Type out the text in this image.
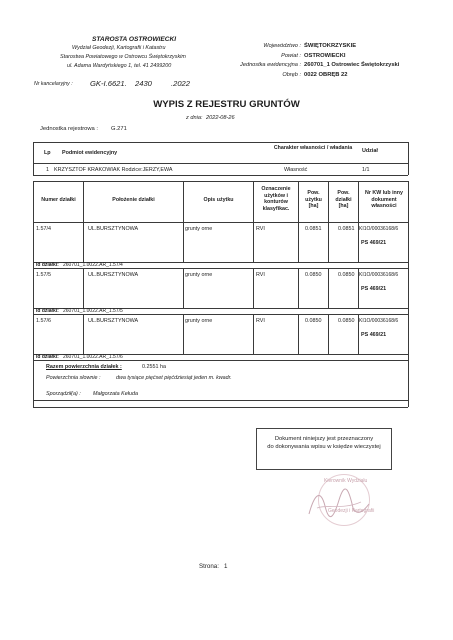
STAROSTA OSTROWIECKI
Wydział Geodezji, Kartografii i Katastru
Starostwa Powiatowego w Ostrowcu Świętokrzyskim
ul. Adama Wardyńskiego 1, tel. 41 2499200
Nr kancelaryjny : GK-I.6621. 2430	.2022
Województwo : ŚWIĘTOKRZYSKIE
Powiat : OSTROWIECKI
Jednostka ewidencyjna : 260701_1 Ostrowiec Świętokrzyski
Obręb : 0022 OBRĘB 22
WYPIS Z REJESTRU GRUNTÓW
z dnia: 2022-08-26
Jednostka rejestrowa : G.271
Lp Podmiot ewidencyjny
Charakter własności / władania	Udział
1 KRZYSZTOF KRAKOWIAK Rodzice:JERZY,EWA	Własność	1/1
Numer działki	Położenie działki	Opis użytku
Oznaczenie użytków i konturów klasyfikac.
Pow. użytku [ha]
Pow. działki [ha]
Nr KW lub inny dokument własności
1.57/4	UL.BURSZTYNOWA	grunty orne	RVI	0.0851	0.0851 KI1O/00036168/6
PS 469/21
Id działki: 260701_1.0022.AR_1.57/4
1.57/5	UL.BURSZTYNOWA	grunty orne	RVI	0.0850	0.0850 KI1O/00036168/6
PS 469/21
Id działki: 260701_1.0022.AR_1.57/5
1.57/6	UL.BURSZTYNOWA	grunty orne	RVI	0.0850	0.0850 KI1O/00036168/6
PS 469/21
Id działki: 260701_1.0022.AR_1.57/6
Razem powierzchnia działek :	0.2551 ha
Powierzchnia słownie :	dwa tysiące pięćset pięćdziesiąt jeden m. kwadr.
Sporządził(a) : Małgorzata Kełuda
Dokument niniejszy jest przeznaczony
do dokonywania wpisu w księdze wieczystej
Kierownik Wydziału
Geodezji i Kartografii
Strona: 1
